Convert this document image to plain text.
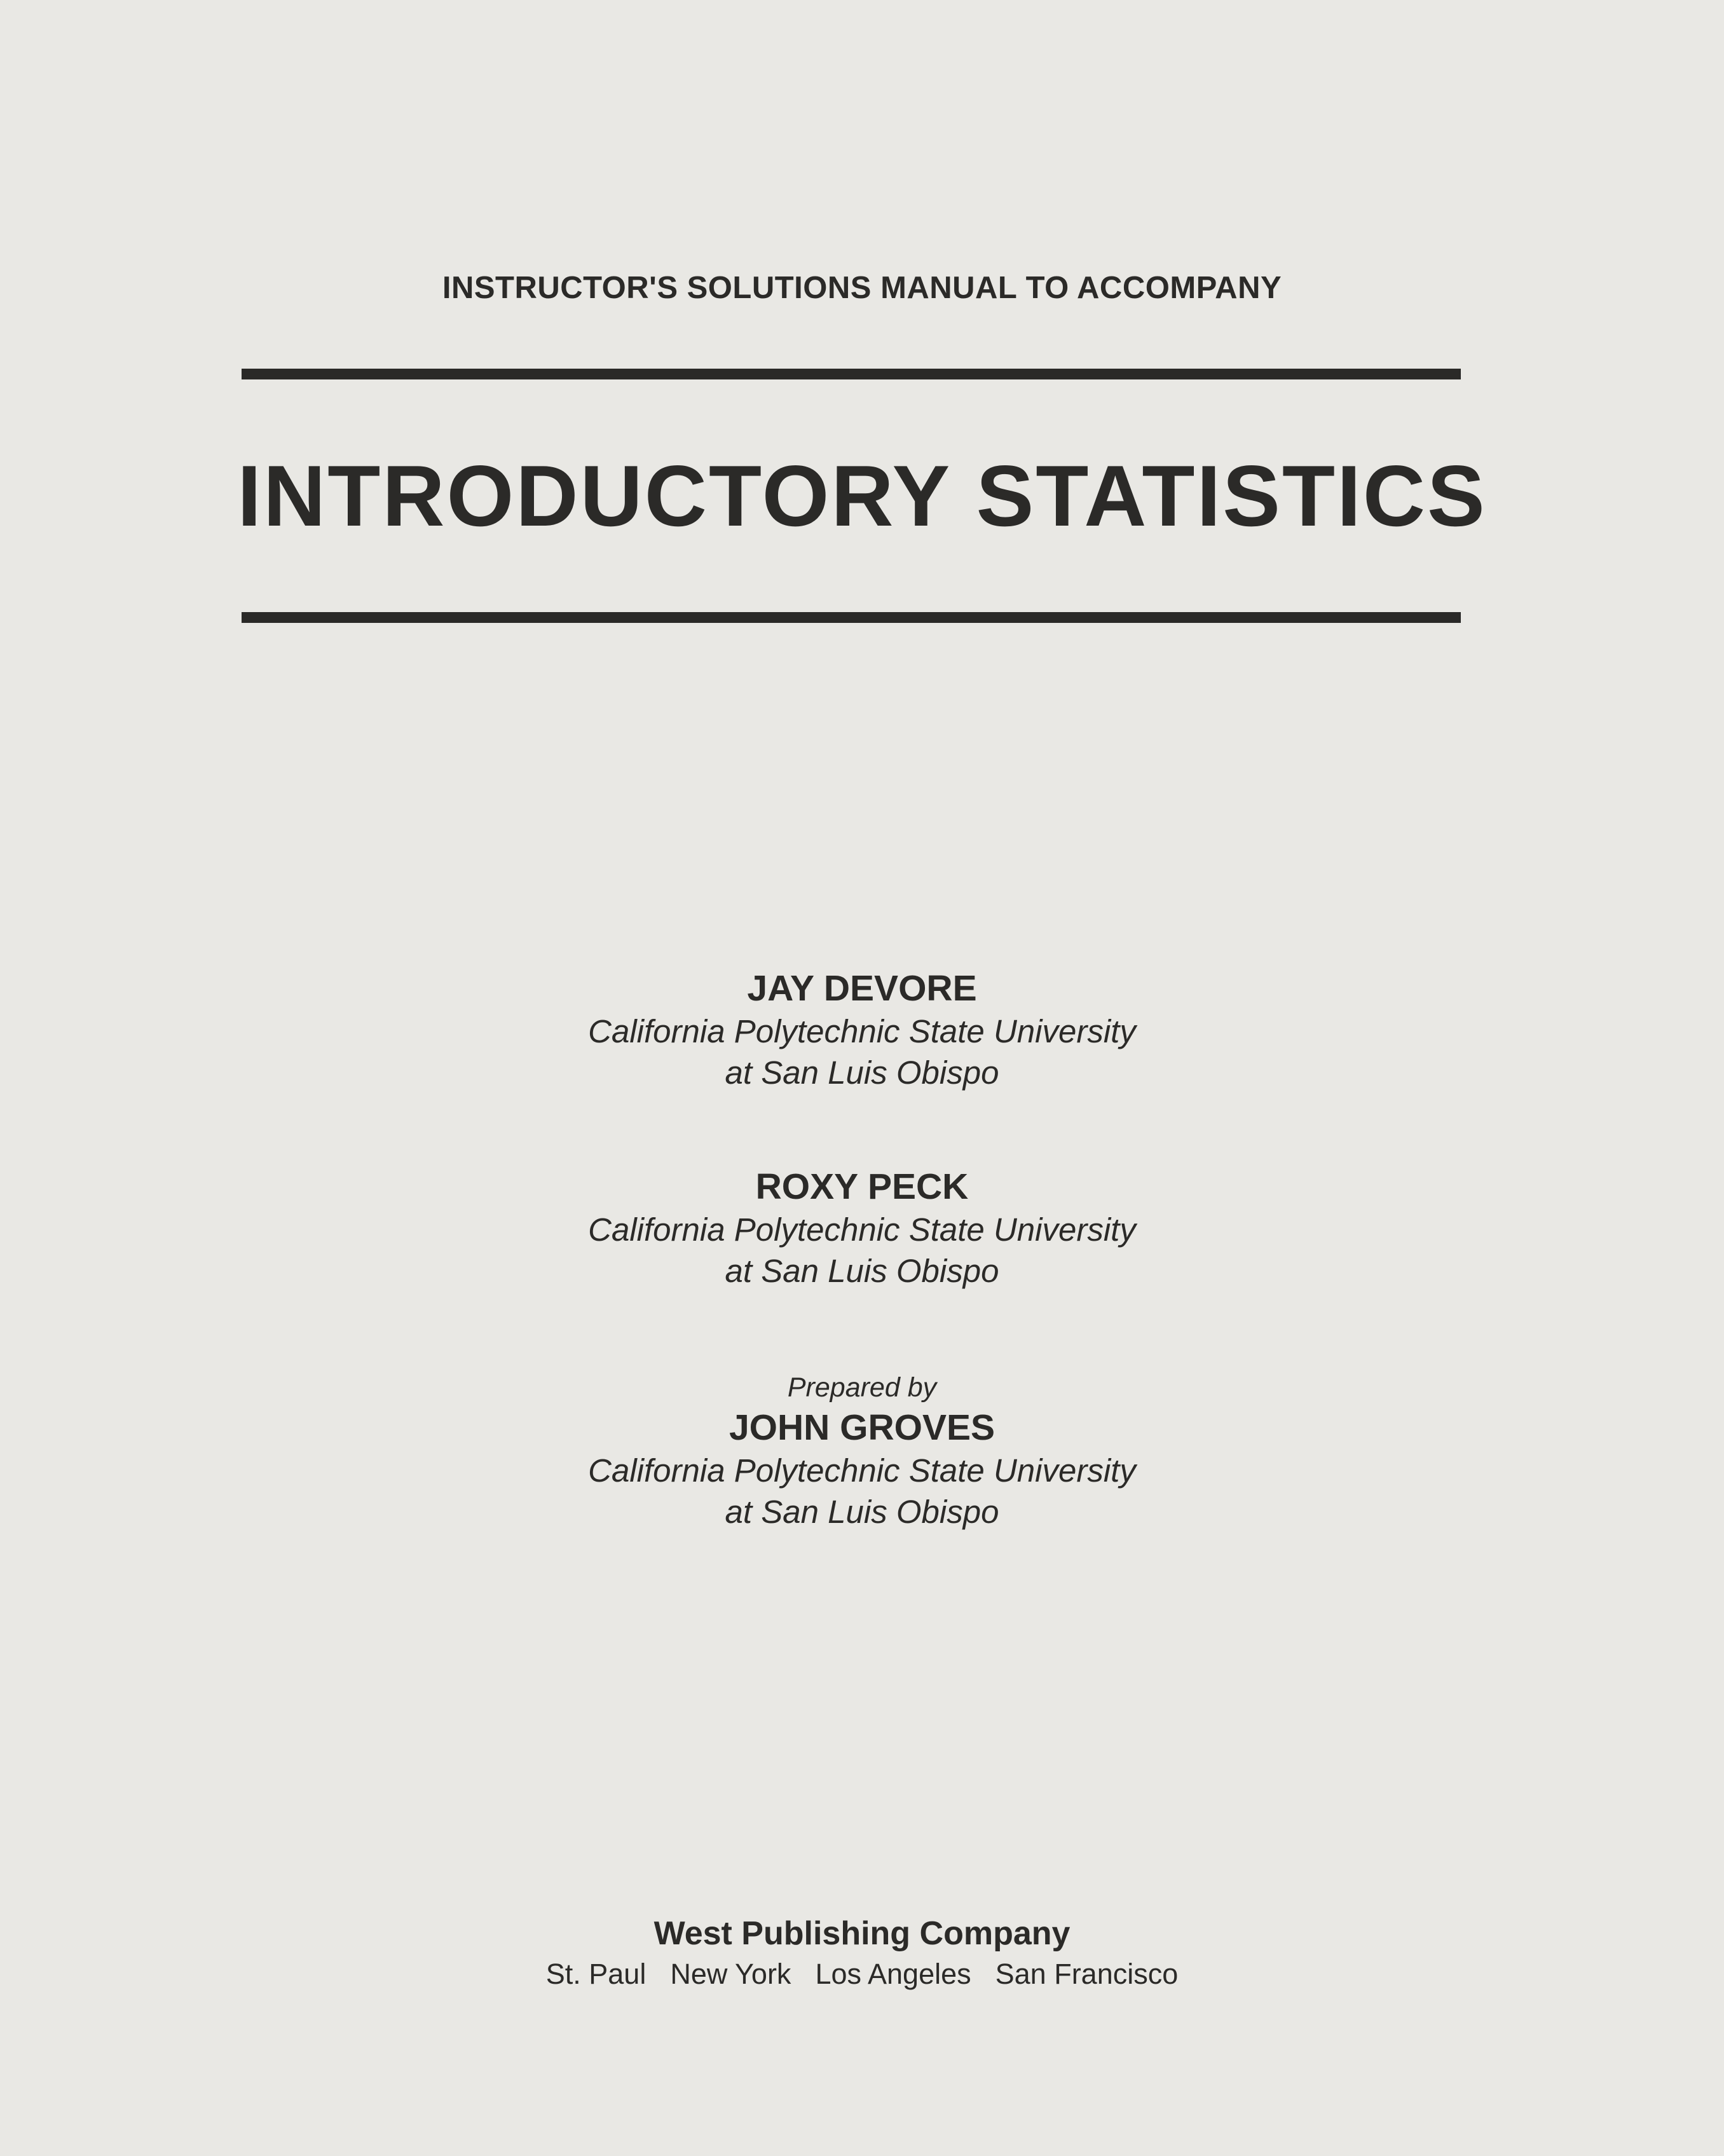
INSTRUCTOR'S SOLUTIONS MANUAL TO ACCOMPANY
INTRODUCTORY STATISTICS
JAY DEVORE
California Polytechnic State University
at San Luis Obispo
ROXY PECK
California Polytechnic State University
at San Luis Obispo
Prepared by
JOHN GROVES
California Polytechnic State University
at San Luis Obispo
West Publishing Company
St. Paul New York Los Angeles San Francisco
